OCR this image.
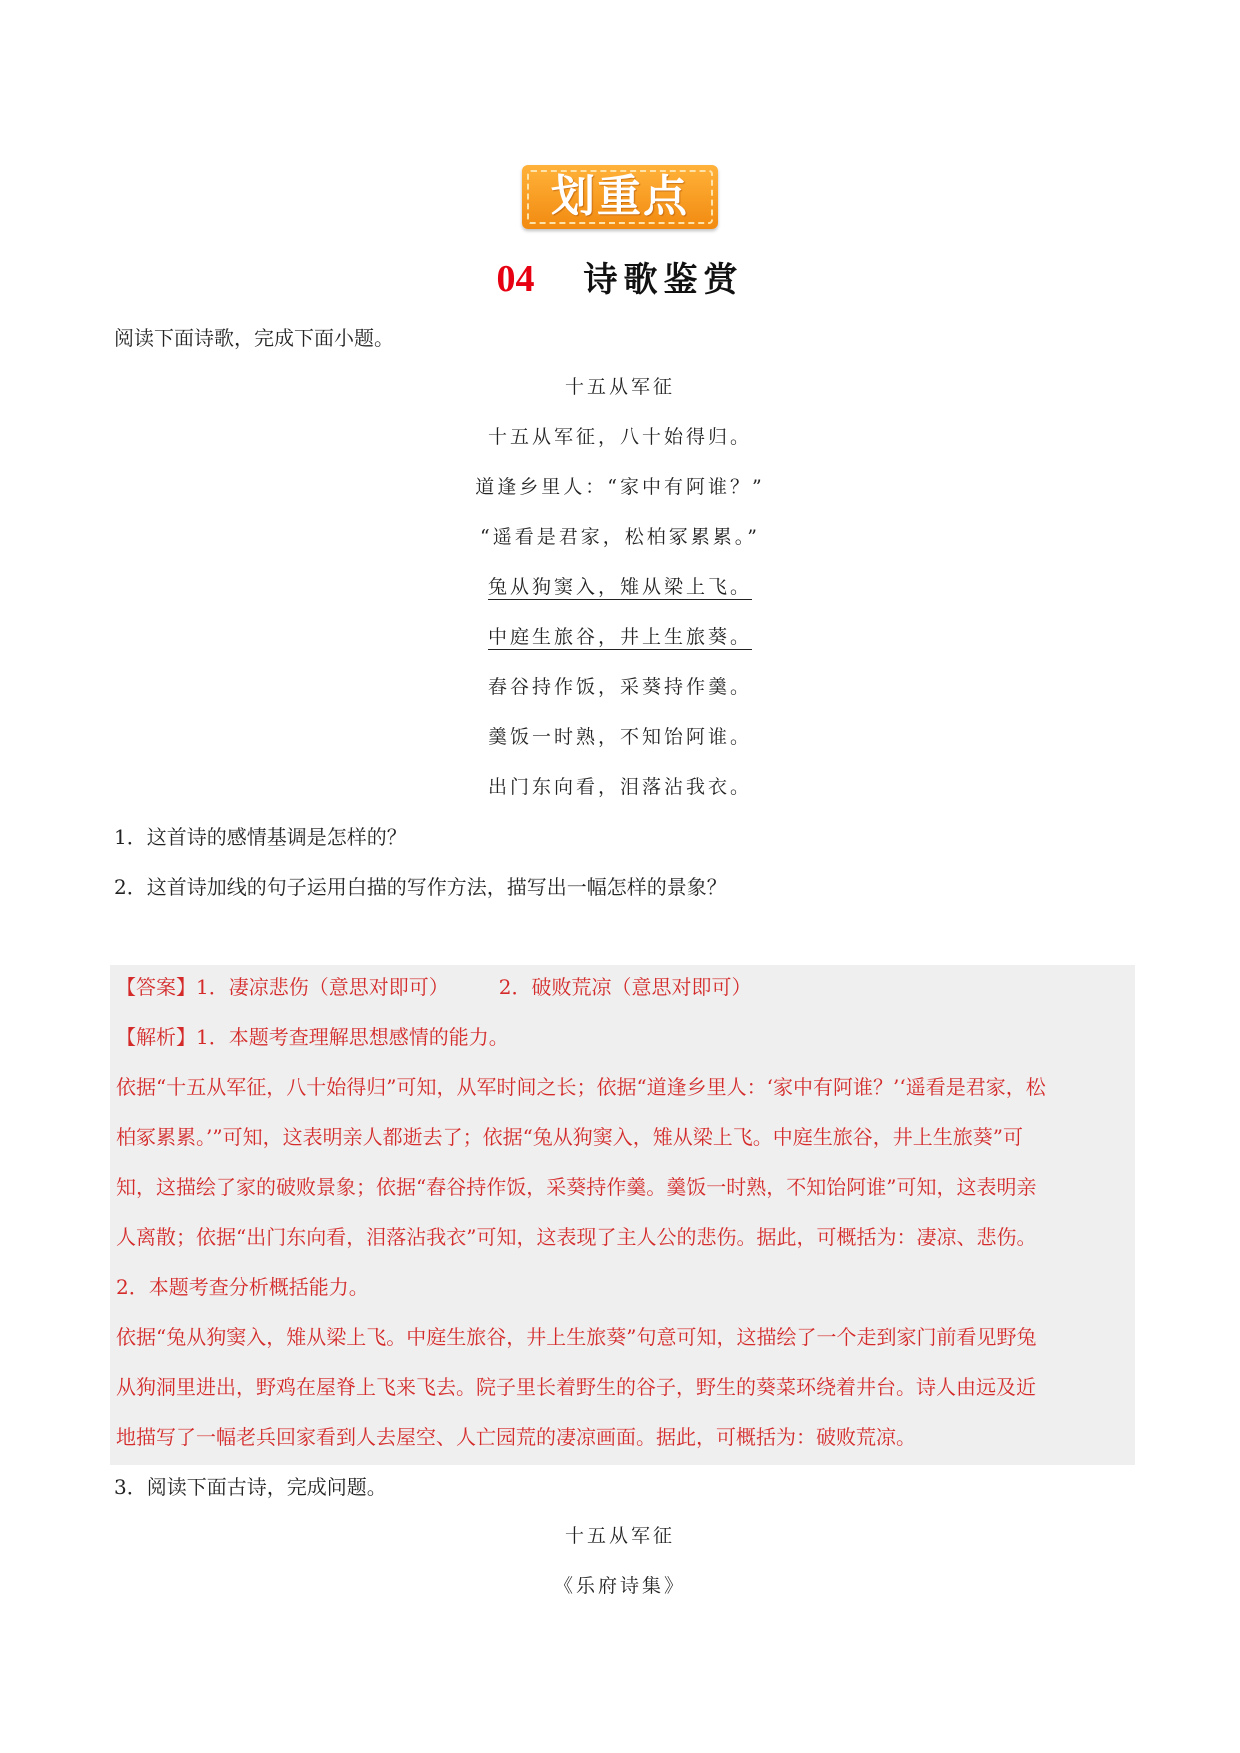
划重点
04 诗歌鉴赏
阅读下面诗歌，完成下面小题。
十五从军征
十五从军征，八十始得归。
道逢乡里人：“家中有阿谁？”
“遥看是君家，松柏冢累累。”
兔从狗窦入，雉从梁上飞。
中庭生旅谷，井上生旅葵。
舂谷持作饭，采葵持作羹。
羹饭一时熟，不知饴阿谁。
出门东向看，泪落沾我衣。
1．这首诗的感情基调是怎样的？
2．这首诗加线的句子运用白描的写作方法，描写出一幅怎样的景象？
【答案】1．凄凉悲伤（意思对即可）	2．破败荒凉（意思对即可）
【解析】1．本题考查理解思想感情的能力。
依据“十五从军征，八十始得归”可知，从军时间之长；依据“道逢乡里人：‘家中有阿谁？’‘遥看是君家，松
柏冢累累。’”可知，这表明亲人都逝去了；依据“兔从狗窦入，雉从梁上飞。中庭生旅谷，井上生旅葵”可
知，这描绘了家的破败景象；依据“舂谷持作饭，采葵持作羹。羹饭一时熟，不知饴阿谁”可知，这表明亲
人离散；依据“出门东向看，泪落沾我衣”可知，这表现了主人公的悲伤。据此，可概括为：凄凉、悲伤。
2．本题考查分析概括能力。
依据“兔从狗窦入，雉从梁上飞。中庭生旅谷，井上生旅葵”句意可知，这描绘了一个走到家门前看见野兔
从狗洞里进出，野鸡在屋脊上飞来飞去。院子里长着野生的谷子，野生的葵菜环绕着井台。诗人由远及近
地描写了一幅老兵回家看到人去屋空、人亡园荒的凄凉画面。据此，可概括为：破败荒凉。
3．阅读下面古诗，完成问题。
十五从军征
《乐府诗集》
